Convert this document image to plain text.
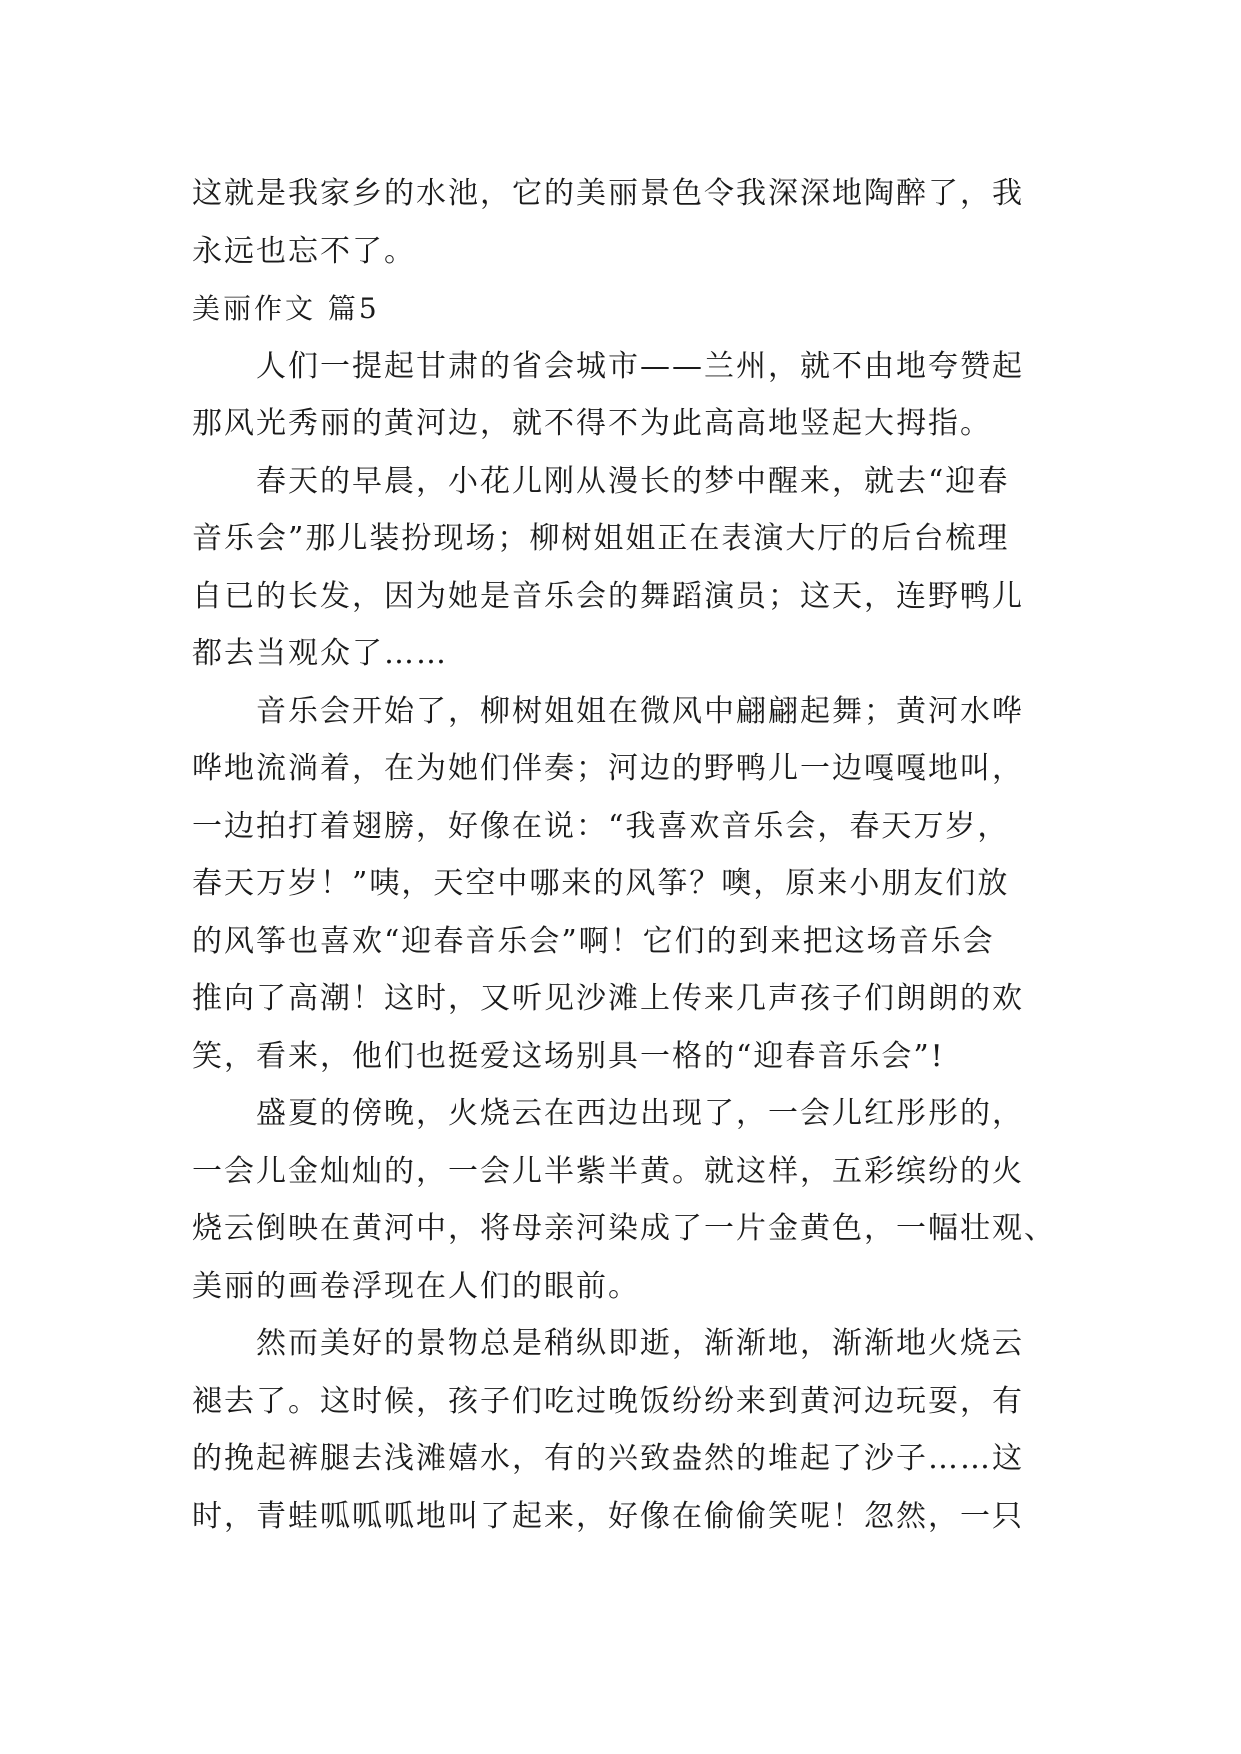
这就是我家乡的水池，它的美丽景色令我深深地陶醉了，我
永远也忘不了。
美丽作文 篇5
人们一提起甘肃的省会城市——兰州，就不由地夸赞起
那风光秀丽的黄河边，就不得不为此高高地竖起大拇指。
春天的早晨，小花儿刚从漫长的梦中醒来，就去“迎春
音乐会”那儿装扮现场；柳树姐姐正在表演大厅的后台梳理
自已的长发，因为她是音乐会的舞蹈演员；这天，连野鸭儿
都去当观众了……
音乐会开始了，柳树姐姐在微风中翩翩起舞；黄河水哗
哗地流淌着，在为她们伴奏；河边的野鸭儿一边嘎嘎地叫，
一边拍打着翅膀，好像在说：“我喜欢音乐会，春天万岁，
春天万岁！”咦，天空中哪来的风筝？噢，原来小朋友们放
的风筝也喜欢“迎春音乐会”啊！它们的到来把这场音乐会
推向了高潮！这时，又听见沙滩上传来几声孩子们朗朗的欢
笑，看来，他们也挺爱这场别具一格的“迎春音乐会”!
盛夏的傍晚，火烧云在西边出现了，一会儿红彤彤的，
一会儿金灿灿的，一会儿半紫半黄。就这样，五彩缤纷的火
烧云倒映在黄河中，将母亲河染成了一片金黄色，一幅壮观、
美丽的画卷浮现在人们的眼前。
然而美好的景物总是稍纵即逝，渐渐地，渐渐地火烧云
褪去了。这时候，孩子们吃过晚饭纷纷来到黄河边玩耍，有
的挽起裤腿去浅滩嬉水，有的兴致盎然的堆起了沙子……这
时，青蛙呱呱呱地叫了起来，好像在偷偷笑呢！忽然，一只
